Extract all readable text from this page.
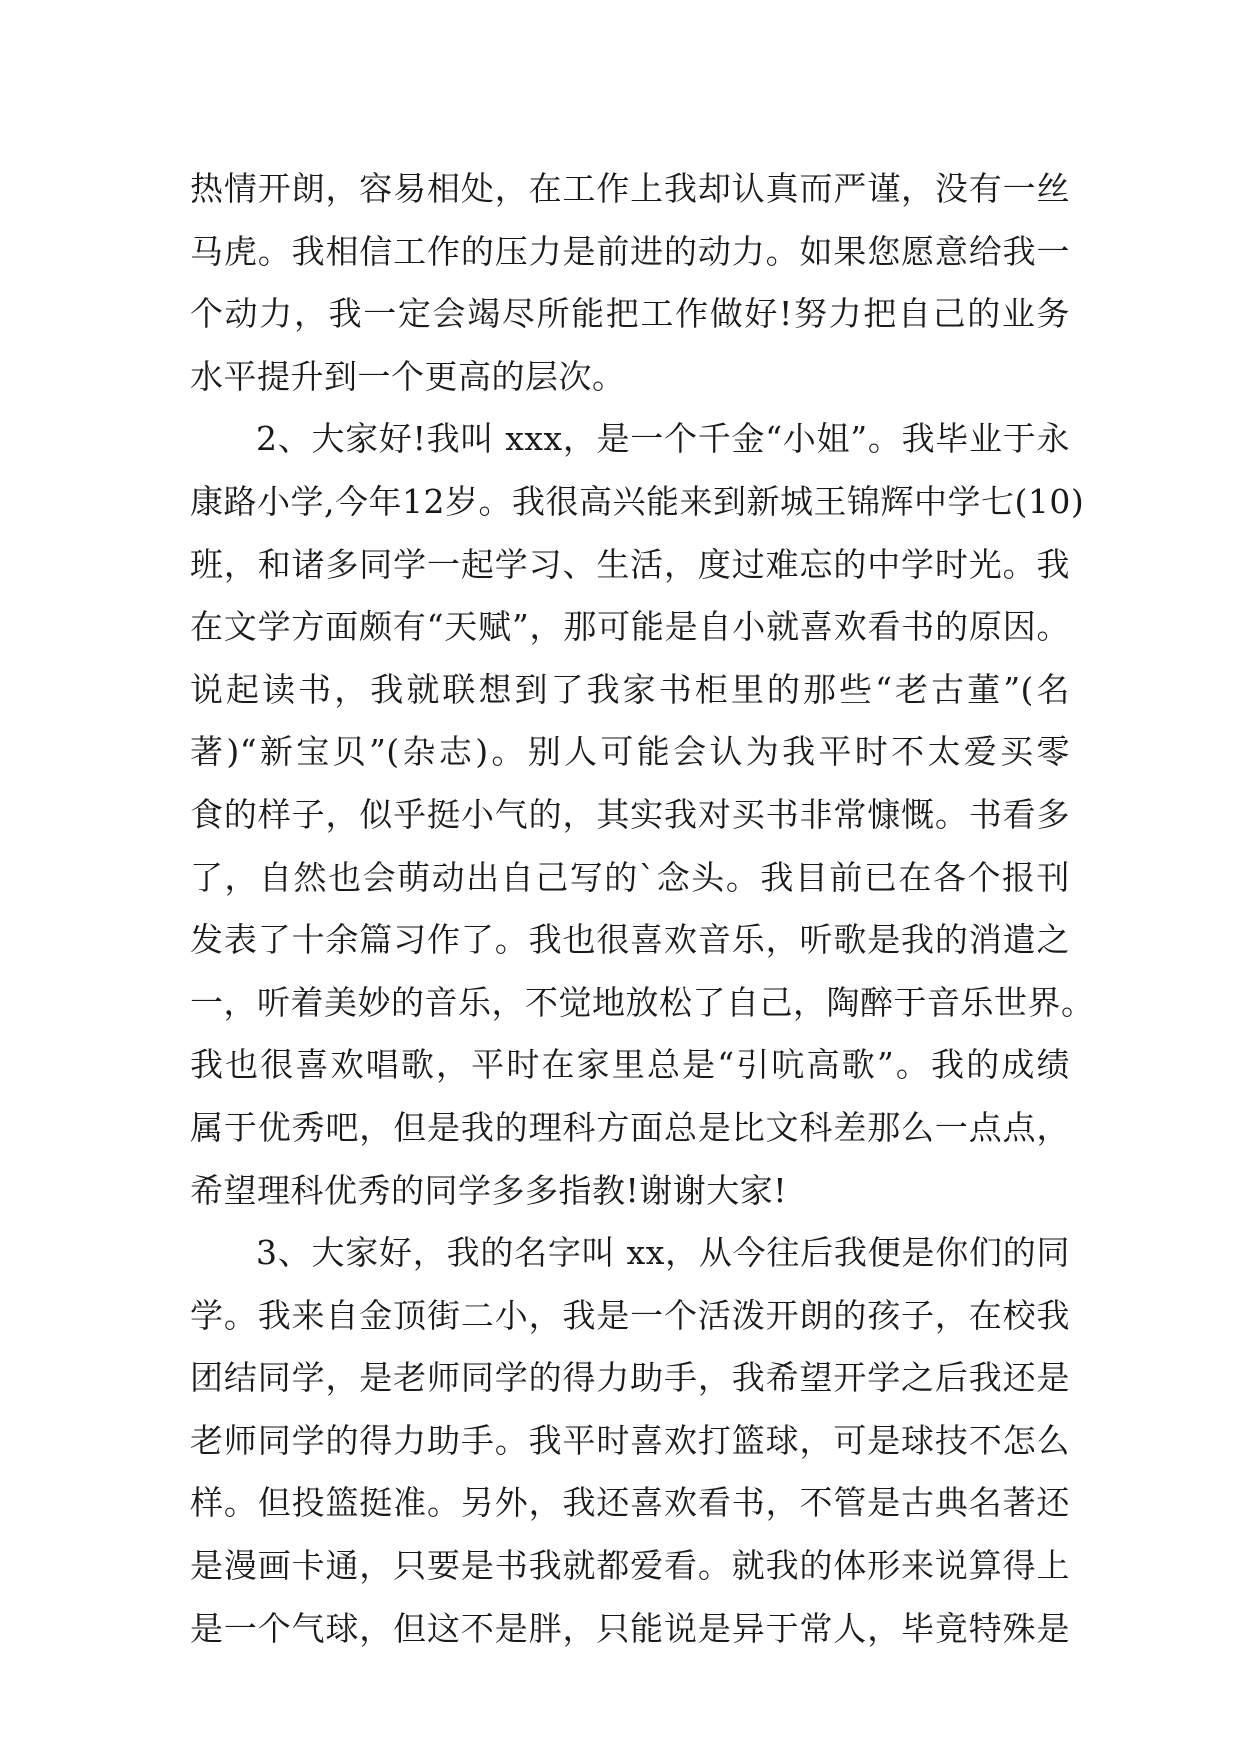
热情开朗，容易相处，在工作上我却认真而严谨，没有一丝
马虎。我相信工作的压力是前进的动力。如果您愿意给我一
个动力，我一定会竭尽所能把工作做好!努力把自己的业务
水平提升到一个更高的层次。
2、大家好!我叫 xxx，是一个千金“小姐”。我毕业于永
康路小学,今年12岁。我很高兴能来到新城王锦辉中学七(10)
班，和诸多同学一起学习、生活，度过难忘的中学时光。我
在文学方面颇有“天赋”，那可能是自小就喜欢看书的原因。
说起读书，我就联想到了我家书柜里的那些“老古董”(名
著)“新宝贝”(杂志)。别人可能会认为我平时不太爱买零
食的样子，似乎挺小气的，其实我对买书非常慷慨。书看多
了，自然也会萌动出自己写的`念头。我目前已在各个报刊
发表了十余篇习作了。我也很喜欢音乐，听歌是我的消遣之
一，听着美妙的音乐，不觉地放松了自己，陶醉于音乐世界。
我也很喜欢唱歌，平时在家里总是“引吭高歌”。我的成绩
属于优秀吧，但是我的理科方面总是比文科差那么一点点，
希望理科优秀的同学多多指教!谢谢大家!
3、大家好，我的名字叫 xx，从今往后我便是你们的同
学。我来自金顶街二小，我是一个活泼开朗的孩子，在校我
团结同学，是老师同学的得力助手，我希望开学之后我还是
老师同学的得力助手。我平时喜欢打篮球，可是球技不怎么
样。但投篮挺准。另外，我还喜欢看书，不管是古典名著还
是漫画卡通，只要是书我就都爱看。就我的体形来说算得上
是一个气球，但这不是胖，只能说是异于常人，毕竟特殊是
